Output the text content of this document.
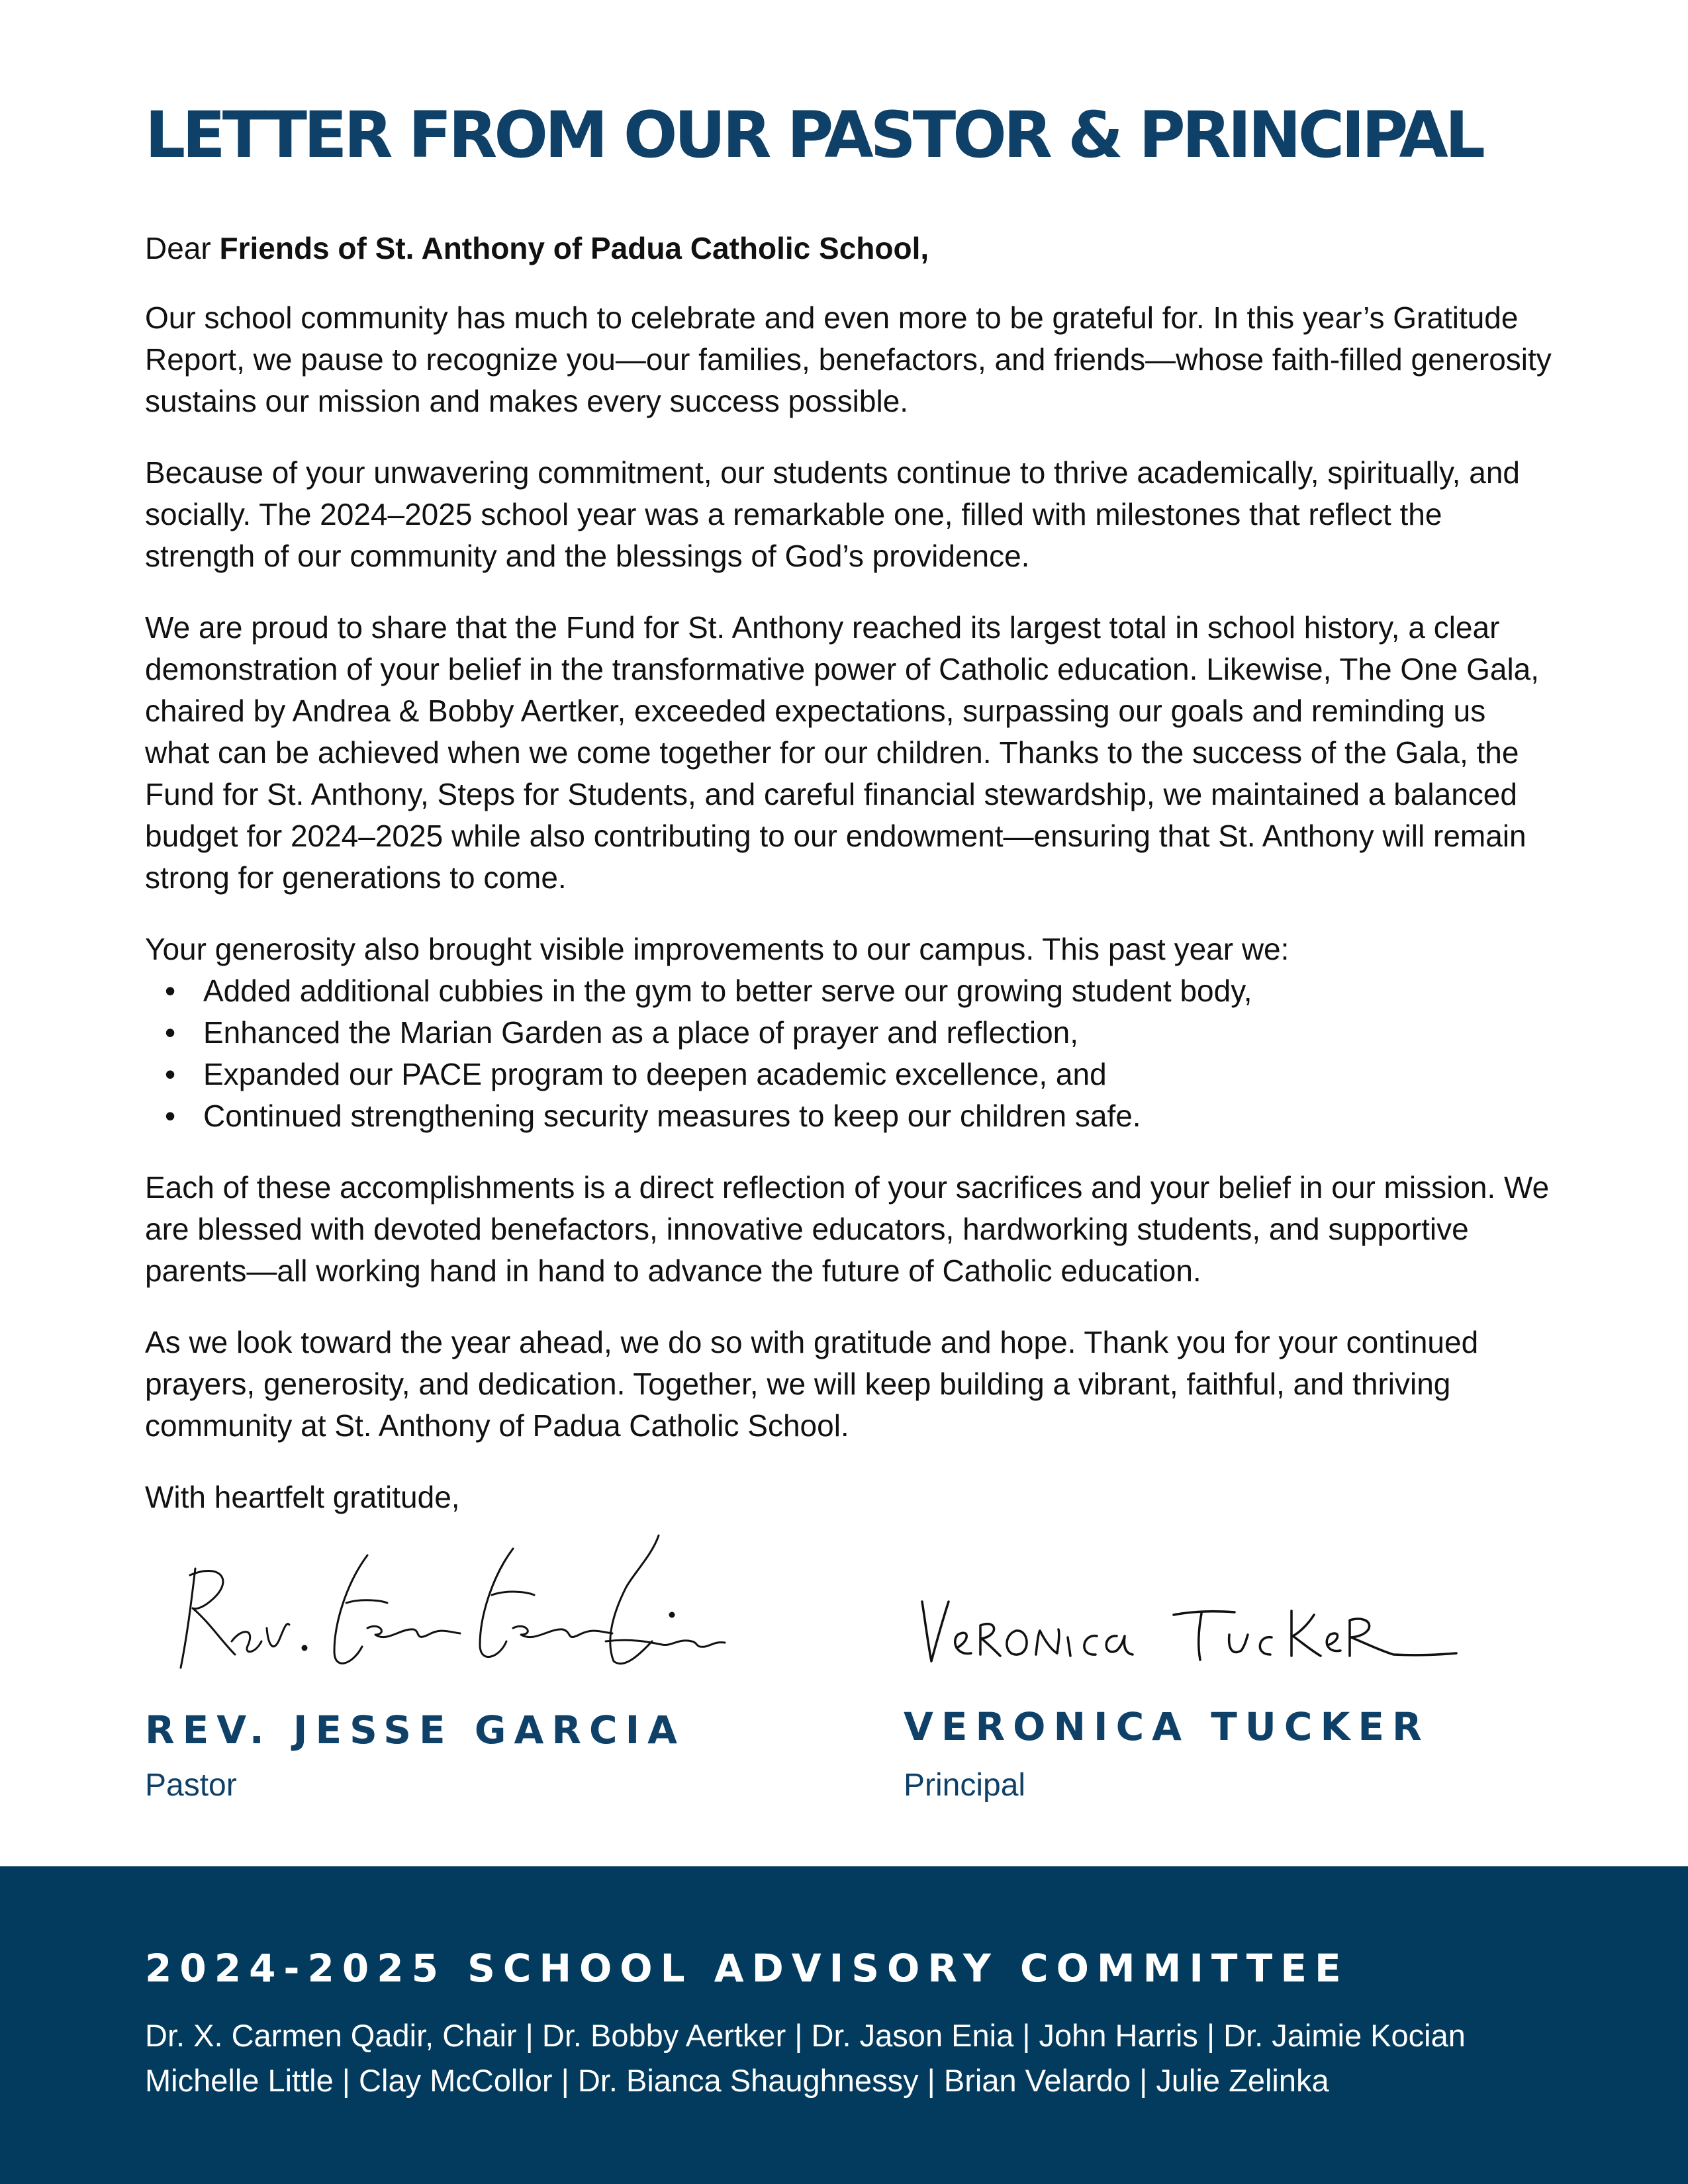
LETTER FROM OUR PASTOR & PRINCIPAL

Dear Friends of St. Anthony of Padua Catholic School,

Our school community has much to celebrate and even more to be grateful for. In this year’s Gratitude Report, we pause to recognize you—our families, benefactors, and friends—whose faith-filled generosity sustains our mission and makes every success possible.

Because of your unwavering commitment, our students continue to thrive academically, spiritually, and socially. The 2024–2025 school year was a remarkable one, filled with milestones that reflect the strength of our community and the blessings of God’s providence.

We are proud to share that the Fund for St. Anthony reached its largest total in school history, a clear demonstration of your belief in the transformative power of Catholic education. Likewise, The One Gala, chaired by Andrea & Bobby Aertker, exceeded expectations, surpassing our goals and reminding us what can be achieved when we come together for our children. Thanks to the success of the Gala, the Fund for St. Anthony, Steps for Students, and careful financial stewardship, we maintained a balanced budget for 2024–2025 while also contributing to our endowment—ensuring that St. Anthony will remain strong for generations to come.

Your generosity also brought visible improvements to our campus. This past year we:

• Added additional cubbies in the gym to better serve our growing student body,
• Enhanced the Marian Garden as a place of prayer and reflection,
• Expanded our PACE program to deepen academic excellence, and
• Continued strengthening security measures to keep our children safe.

Each of these accomplishments is a direct reflection of your sacrifices and your belief in our mission. We are blessed with devoted benefactors, innovative educators, hardworking students, and supportive parents—all working hand in hand to advance the future of Catholic education.

As we look toward the year ahead, we do so with gratitude and hope. Thank you for your continued prayers, generosity, and dedication. Together, we will keep building a vibrant, faithful, and thriving community at St. Anthony of Padua Catholic School.

With heartfelt gratitude,

REV. JESSE GARCIA

Pastor

VERONICA TUCKER

Principal

2024-2025 SCHOOL ADVISORY COMMITTEE

Dr. X. Carmen Qadir, Chair | Dr. Bobby Aertker | Dr. Jason Enia | John Harris | Dr. Jaimie Kocian

Michelle Little | Clay McCollor | Dr. Bianca Shaughnessy | Brian Velardo | Julie Zelinka
